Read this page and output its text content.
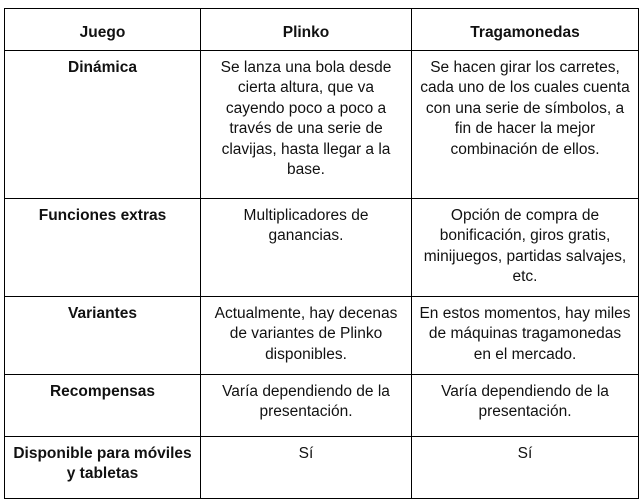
Juego	Plinko	Tragamonedas
Dinámica	Se lanza una bola desde cierta altura, que va cayendo poco a poco a través de una serie de clavijas, hasta llegar a la base.	Se hacen girar los carretes, cada uno de los cuales cuenta con una serie de símbolos, a fin de hacer la mejor combinación de ellos.
Funciones extras	Multiplicadores de ganancias.	Opción de compra de bonificación, giros gratis, minijuegos, partidas salvajes, etc.
Variantes	Actualmente, hay decenas de variantes de Plinko disponibles.	En estos momentos, hay miles de máquinas tragamonedas en el mercado.
Recompensas	Varía dependiendo de la presentación.	Varía dependiendo de la presentación.
Disponible para móviles y tabletas	Sí	Sí
